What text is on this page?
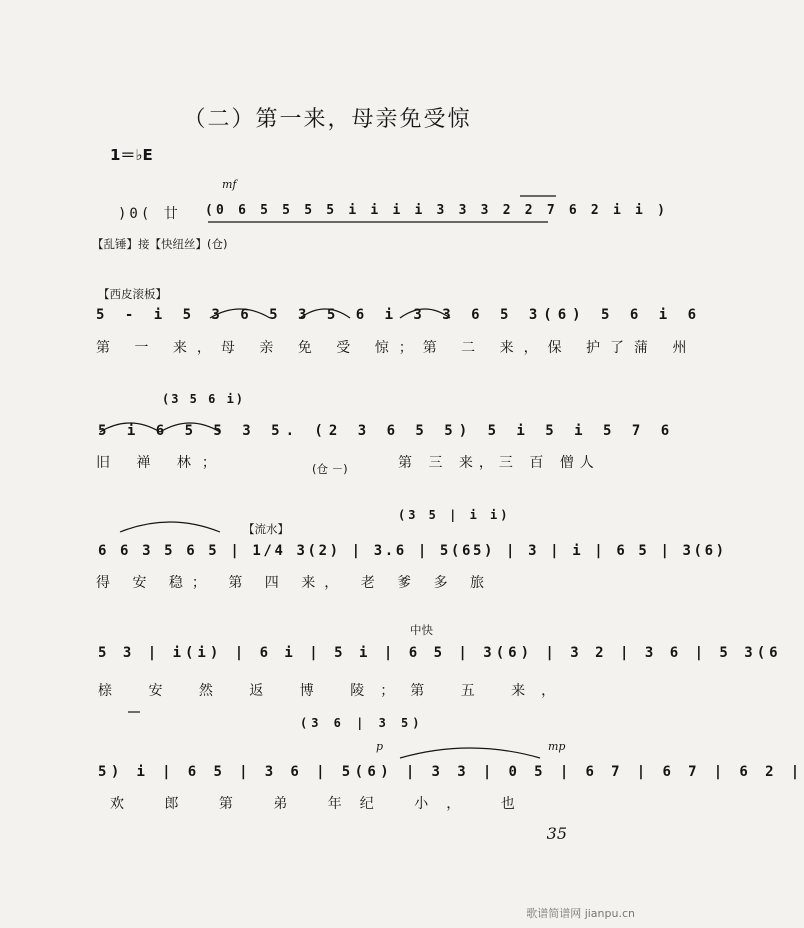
（二）第一来，母亲免受惊
1＝♭E
mf
)0( 廿 (0 6 5 5 5 5 i i i i 3 3 3 2 2 7 6 2 i i )
【乱锤】接【快纽丝】(仓)
【西皮滚板】
5 - i 5 3 6 5 3 5 6 i 3 3 6 5 3(6) 5 6 i 6
第 一 来，母 亲 免 受 惊；第 二 来，保 护了蒲 州
(3 5 6 i)
5 i 6 5 5 3 5. (2 3 6 5 5) 5 i 5 i 5 7 6
旧 禅 林；	(仓 －)	第 三 来，三 百 僧人
(3 5 | i i)
【流水】
6 6 3 5 6 5 | 1/4 3(2) | 3.6 | 5(65) | 3 | i | 6 5 | 3(6)
得 安 稳； 第 四 来， 老 爹 多 旅
中快
5 3 | i(i) | 6 i | 5 i | 6 5 | 3(6) | 3 2 | 3 6 | 5 3(6
榇 安 然 返 博 陵；第 五 来，
(3 6 | 3 5)
p	mp
5) i | 6 5 | 3 6 | 5(6) | 3 3 | 0 5 | 6 7 | 6 7 | 6 2 |
欢 郎 第 弟 年纪 小， 也
35
歌谱简谱网 jianpu.cn
